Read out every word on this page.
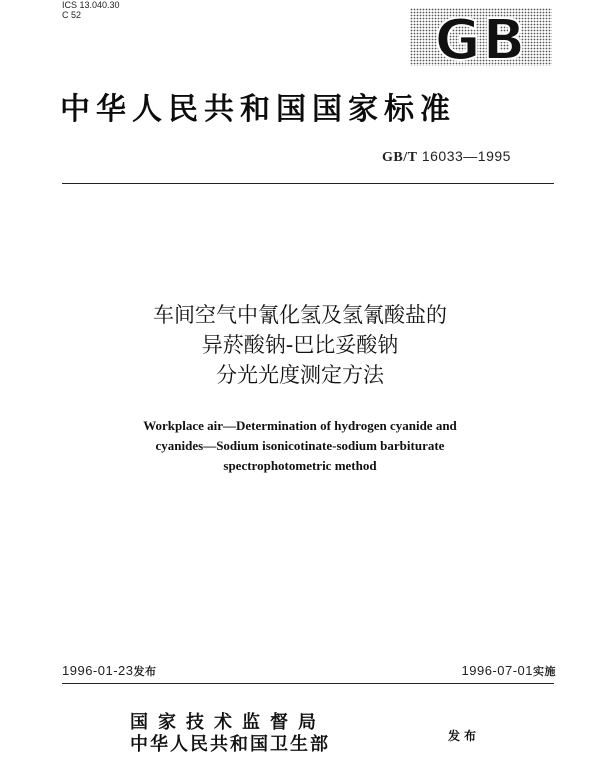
ICS 13.040.30
C 52	GB
中华人民共和国国家标准
GB/T 16033—1995
车间空气中氰化氢及氢氰酸盐的
异菸酸钠-巴比妥酸钠
分光光度测定方法
Workplace air—Determination of hydrogen cyanide and
cyanides—Sodium isonicotinate-sodium barbiturate
spectrophotometric method
1996-01-23发布	1996-07-01实施
国家技术监督局
中华人民共和国卫生部	发布
